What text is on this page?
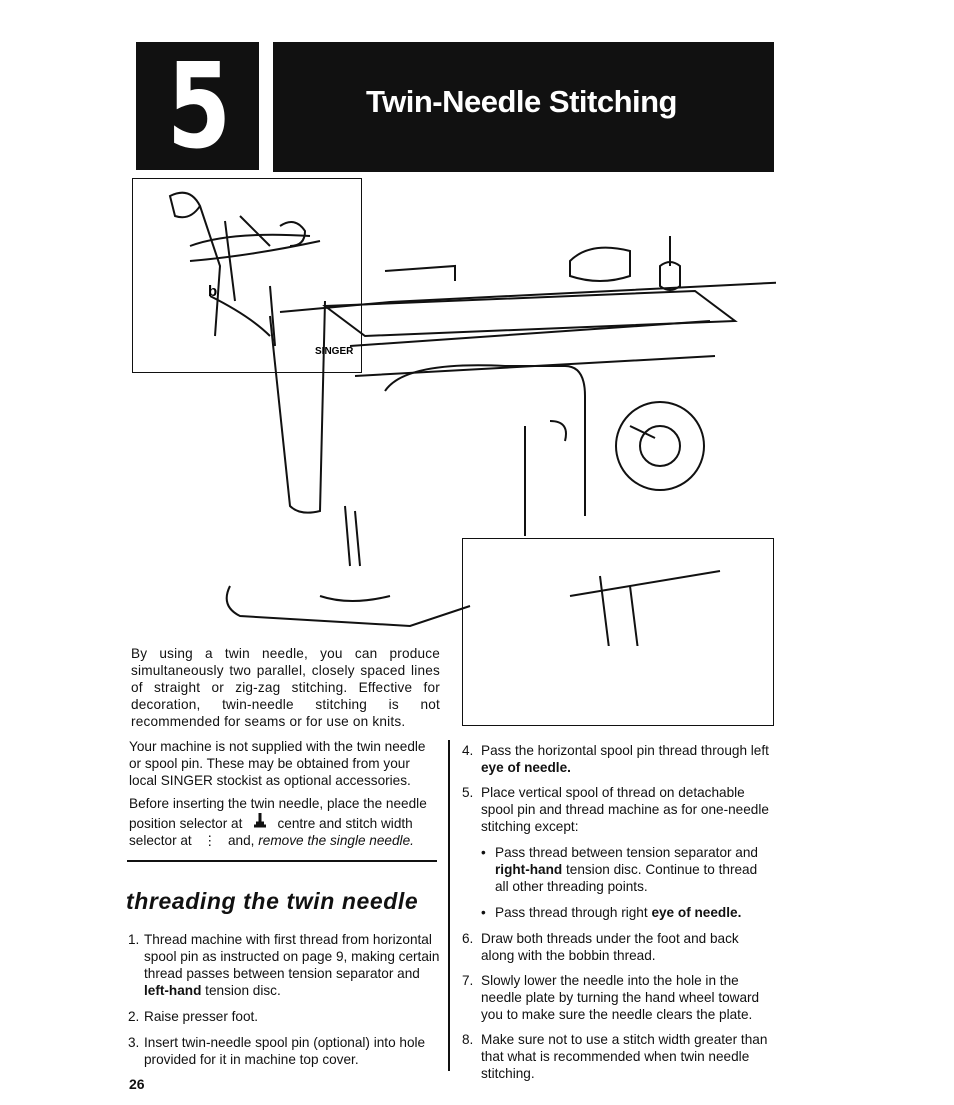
5	Twin-Needle Stitching
SINGER
b
By using a twin needle, you can produce simultaneously two parallel, closely spaced lines of straight or zig-zag stitching. Effective for decoration, twin-needle stitching is not recommended for seams or for use on knits.
Your machine is not supplied with the twin needle or spool pin. These may be obtained from your local SINGER stockist as optional accessories.
Before inserting the twin needle, place the needle position selector at	centre and stitch width selector at   ⋮   and, remove the single needle.
threading the twin needle
1. Thread machine with first thread from horizontal spool pin as instructed on page 9, making certain thread passes between tension separator and left-hand tension disc.
2. Raise presser foot.
3. Insert twin-needle spool pin (optional) into hole provided for it in machine top cover.
4. Pass the horizontal spool pin thread through left eye of needle.
5. Place vertical spool of thread on detachable spool pin and thread machine as for one-needle stitching except:
• Pass thread between tension separator and right-hand tension disc. Continue to thread all other threading points.
• Pass thread through right eye of needle.
6. Draw both threads under the foot and back along with the bobbin thread.
7. Slowly lower the needle into the hole in the needle plate by turning the hand wheel toward you to make sure the needle clears the plate.
8. Make sure not to use a stitch width greater than that what is recommended when twin needle stitching.
26
